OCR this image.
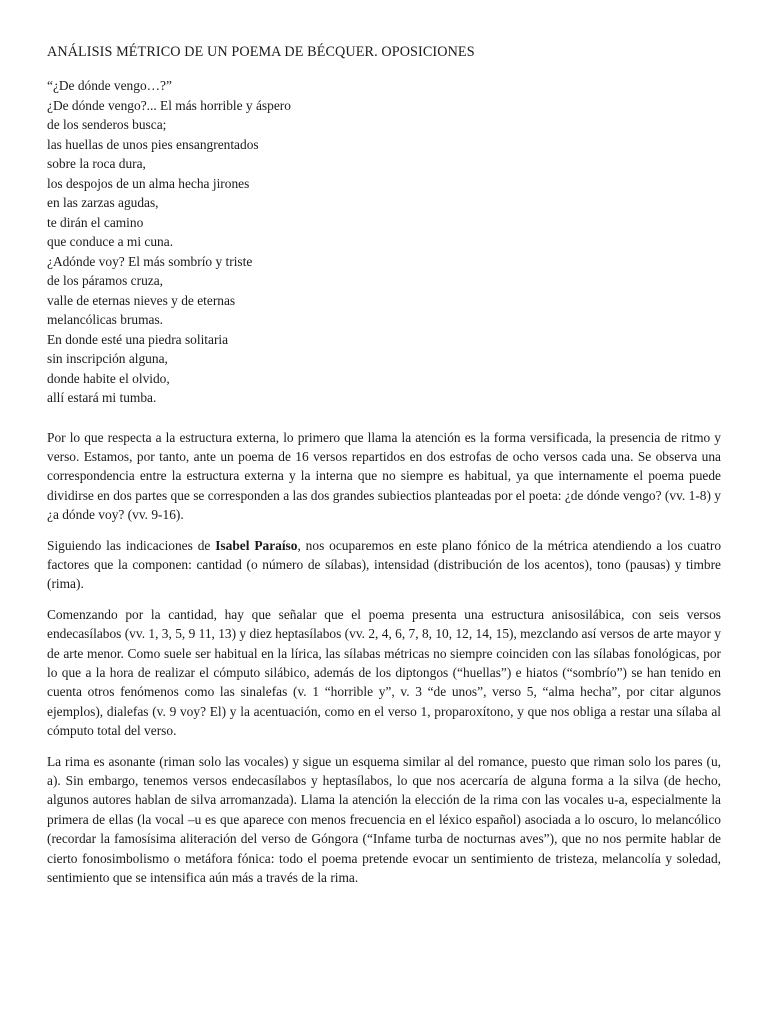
ANÁLISIS MÉTRICO DE UN POEMA DE BÉCQUER. OPOSICIONES
“¿De dónde vengo…?”
¿De dónde vengo?... El más horrible y áspero
de los senderos busca;
las huellas de unos pies ensangrentados
sobre la roca dura,
los despojos de un alma hecha jirones
en las zarzas agudas,
te dirán el camino
que conduce a mi cuna.
¿Adónde voy? El más sombrío y triste
de los páramos cruza,
valle de eternas nieves y de eternas
melancólicas brumas.
En donde esté una piedra solitaria
sin inscripción alguna,
donde habite el olvido,
allí estará mi tumba.

Por lo que respecta a la estructura externa, lo primero que llama la atención es la forma versificada, la presencia de ritmo y verso. Estamos, por tanto, ante un poema de 16 versos repartidos en dos estrofas de ocho versos cada una. Se observa una correspondencia entre la estructura externa y la interna que no siempre es habitual, ya que internamente el poema puede dividirse en dos partes que se corresponden a las dos grandes subiectios planteadas por el poeta: ¿de dónde vengo? (vv. 1-8) y ¿a dónde voy? (vv. 9-16).

Siguiendo las indicaciones de Isabel Paraíso, nos ocuparemos en este plano fónico de la métrica atendiendo a los cuatro factores que la componen: cantidad (o número de sílabas), intensidad (distribución de los acentos), tono (pausas) y timbre (rima).

Comenzando por la cantidad, hay que señalar que el poema presenta una estructura anisosilábica, con seis versos endecasílabos (vv. 1, 3, 5, 9 11, 13) y diez heptasílabos (vv. 2, 4, 6, 7, 8, 10, 12, 14, 15), mezclando así versos de arte mayor y de arte menor. Como suele ser habitual en la lírica, las sílabas métricas no siempre coinciden con las sílabas fonológicas, por lo que a la hora de realizar el cómputo silábico, además de los diptongos (“huellas”) e hiatos (“sombrío”) se han tenido en cuenta otros fenómenos como las sinalefas (v. 1 “horrible y”, v. 3 “de unos”, verso 5, “alma hecha”, por citar algunos ejemplos), dialefas (v. 9 voy? El) y la acentuación, como en el verso 1, proparoxítono, y que nos obliga a restar una sílaba al cómputo total del verso.

La rima es asonante (riman solo las vocales) y sigue un esquema similar al del romance, puesto que riman solo los pares (u, a). Sin embargo, tenemos versos endecasílabos y heptasílabos, lo que nos acercaría de alguna forma a la silva (de hecho, algunos autores hablan de silva arromanzada). Llama la atención la elección de la rima con las vocales u-a, especialmente la primera de ellas (la vocal –u es que aparece con menos frecuencia en el léxico español) asociada a lo oscuro, lo melancólico (recordar la famosísima aliteración del verso de Góngora (“Infame turba de nocturnas aves”), que no nos permite hablar de cierto fonosimbolismo o metáfora fónica: todo el poema pretende evocar un sentimiento de tristeza, melancolía y soledad, sentimiento que se intensifica aún más a través de la rima.
